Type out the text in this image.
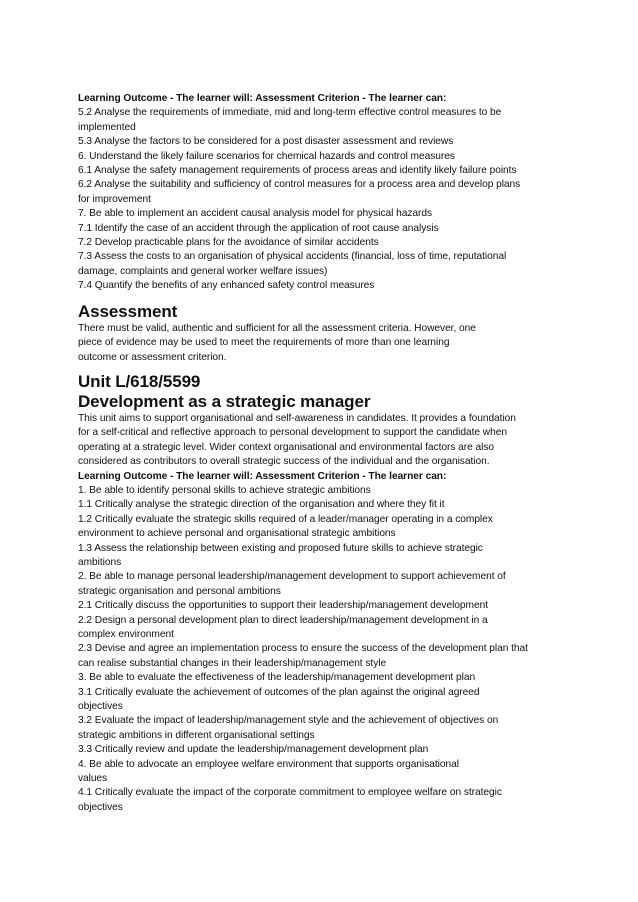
Learning Outcome - The learner will: Assessment Criterion - The learner can:
5.2 Analyse the requirements of immediate, mid and long-term effective control measures to be
implemented
5.3 Analyse the factors to be considered for a post disaster assessment and reviews
6. Understand the likely failure scenarios for chemical hazards and control measures
6.1 Analyse the safety management requirements of process areas and identify likely failure points
6.2 Analyse the suitability and sufficiency of control measures for a process area and develop plans
for improvement
7. Be able to implement an accident causal analysis model for physical hazards
7.1 Identify the case of an accident through the application of root cause analysis
7.2 Develop practicable plans for the avoidance of similar accidents
7.3 Assess the costs to an organisation of physical accidents (financial, loss of time, reputational
damage, complaints and general worker welfare issues)
7.4 Quantify the benefits of any enhanced safety control measures
Assessment
There must be valid, authentic and sufficient for all the assessment criteria. However, one
piece of evidence may be used to meet the requirements of more than one learning
outcome or assessment criterion.
Unit L/618/5599
Development as a strategic manager
This unit aims to support organisational and self-awareness in candidates. It provides a foundation
for a self-critical and reflective approach to personal development to support the candidate when
operating at a strategic level. Wider context organisational and environmental factors are also
considered as contributors to overall strategic success of the individual and the organisation.
Learning Outcome - The learner will: Assessment Criterion - The learner can:
1. Be able to identify personal skills to achieve strategic ambitions
1.1 Critically analyse the strategic direction of the organisation and where they fit it
1.2 Critically evaluate the strategic skills required of a leader/manager operating in a complex
environment to achieve personal and organisational strategic ambitions
1.3 Assess the relationship between existing and proposed future skills to achieve strategic
ambitions
2. Be able to manage personal leadership/management development to support achievement of
strategic organisation and personal ambitions
2.1 Critically discuss the opportunities to support their leadership/management development
2.2 Design a personal development plan to direct leadership/management development in a
complex environment
2.3 Devise and agree an implementation process to ensure the success of the development plan that
can realise substantial changes in their leadership/management style
3. Be able to evaluate the effectiveness of the leadership/management development plan
3.1 Critically evaluate the achievement of outcomes of the plan against the original agreed
objectives
3.2 Evaluate the impact of leadership/management style and the achievement of objectives on
strategic ambitions in different organisational settings
3.3 Critically review and update the leadership/management development plan
4. Be able to advocate an employee welfare environment that supports organisational
values
4.1 Critically evaluate the impact of the corporate commitment to employee welfare on strategic
objectives
